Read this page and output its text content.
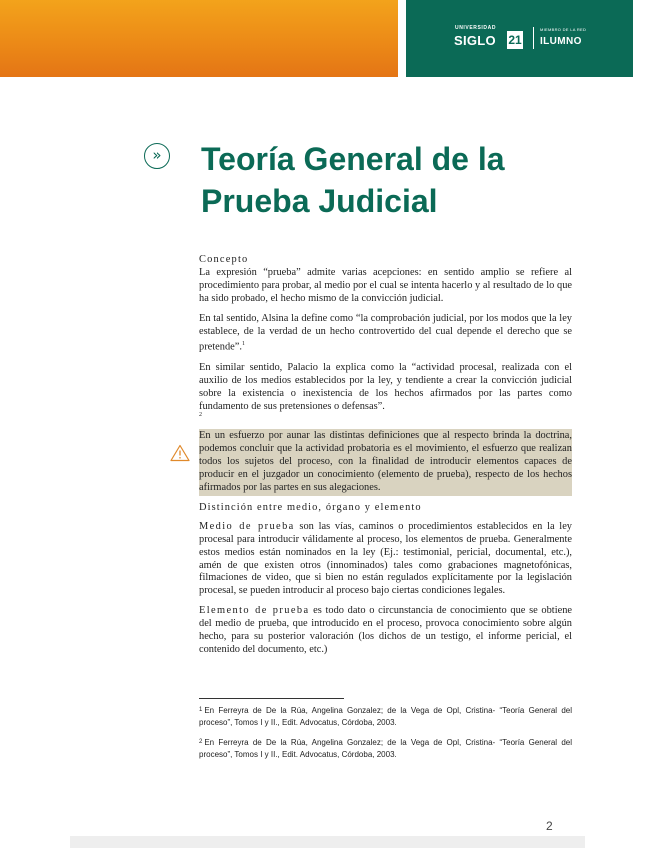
UNIVERSIDAD
SIGLO 21
MIEMBRO DE LA RED
ILUMNO
» Teoría General de la Prueba Judicial

Concepto

La expresión “prueba” admite varias acepciones: en sentido amplio se refiere al procedimiento para probar, al medio por el cual se intenta hacerlo y al resultado de lo que ha sido probado, el hecho mismo de la convicción judicial.

En tal sentido, Alsina la define como “la comprobación judicial, por los modos que la ley establece, de la verdad de un hecho controvertido del cual depende el derecho que se pretende”.$^1$

En similar sentido, Palacio la explica como la “actividad procesal, realizada con el auxilio de los medios establecidos por la ley, y tendiente a crear la convicción judicial sobre la existencia o inexistencia de los hechos afirmados por las partes como fundamento de sus pretensiones o defensas”.
2

En un esfuerzo por aunar las distintas definiciones que al respecto brinda la doctrina, podemos concluir que la actividad probatoria es el movimiento, el esfuerzo que realizan todos los sujetos del proceso, con la finalidad de introducir elementos capaces de producir en el juzgador un conocimiento (elemento de prueba), respecto de los hechos afirmados por las partes en sus alegaciones.

Distinción entre medio, órgano y elemento

Medio de prueba son las vías, caminos o procedimientos establecidos en la ley procesal para introducir válidamente al proceso, los elementos de prueba. Generalmente estos medios están nominados en la ley (Ej.: testimonial, pericial, documental, etc.), amén de que existen otros (innominados) tales como grabaciones magnetofónicas, filmaciones de video, que si bien no están regulados explícitamente por la legislación procesal, se pueden introducir al proceso bajo ciertas condiciones legales.

Elemento de prueba es todo dato o circunstancia de conocimiento que se obtiene del medio de prueba, que introducido en el proceso, provoca conocimiento sobre algún hecho, para su posterior valoración (los dichos de un testigo, el informe pericial, el contenido del documento, etc.)

$^1$ En Ferreyra de De la Rúa, Angelina Gonzalez; de la Vega de Opl, Cristina- “Teoría General del proceso”, Tomos I y II., Edit. Advocatus, Córdoba, 2003.

$^2$ En Ferreyra de De la Rúa, Angelina Gonzalez; de la Vega de Opl, Cristina- “Teoría General del proceso”, Tomos I y II., Edit. Advocatus, Córdoba, 2003.

2
